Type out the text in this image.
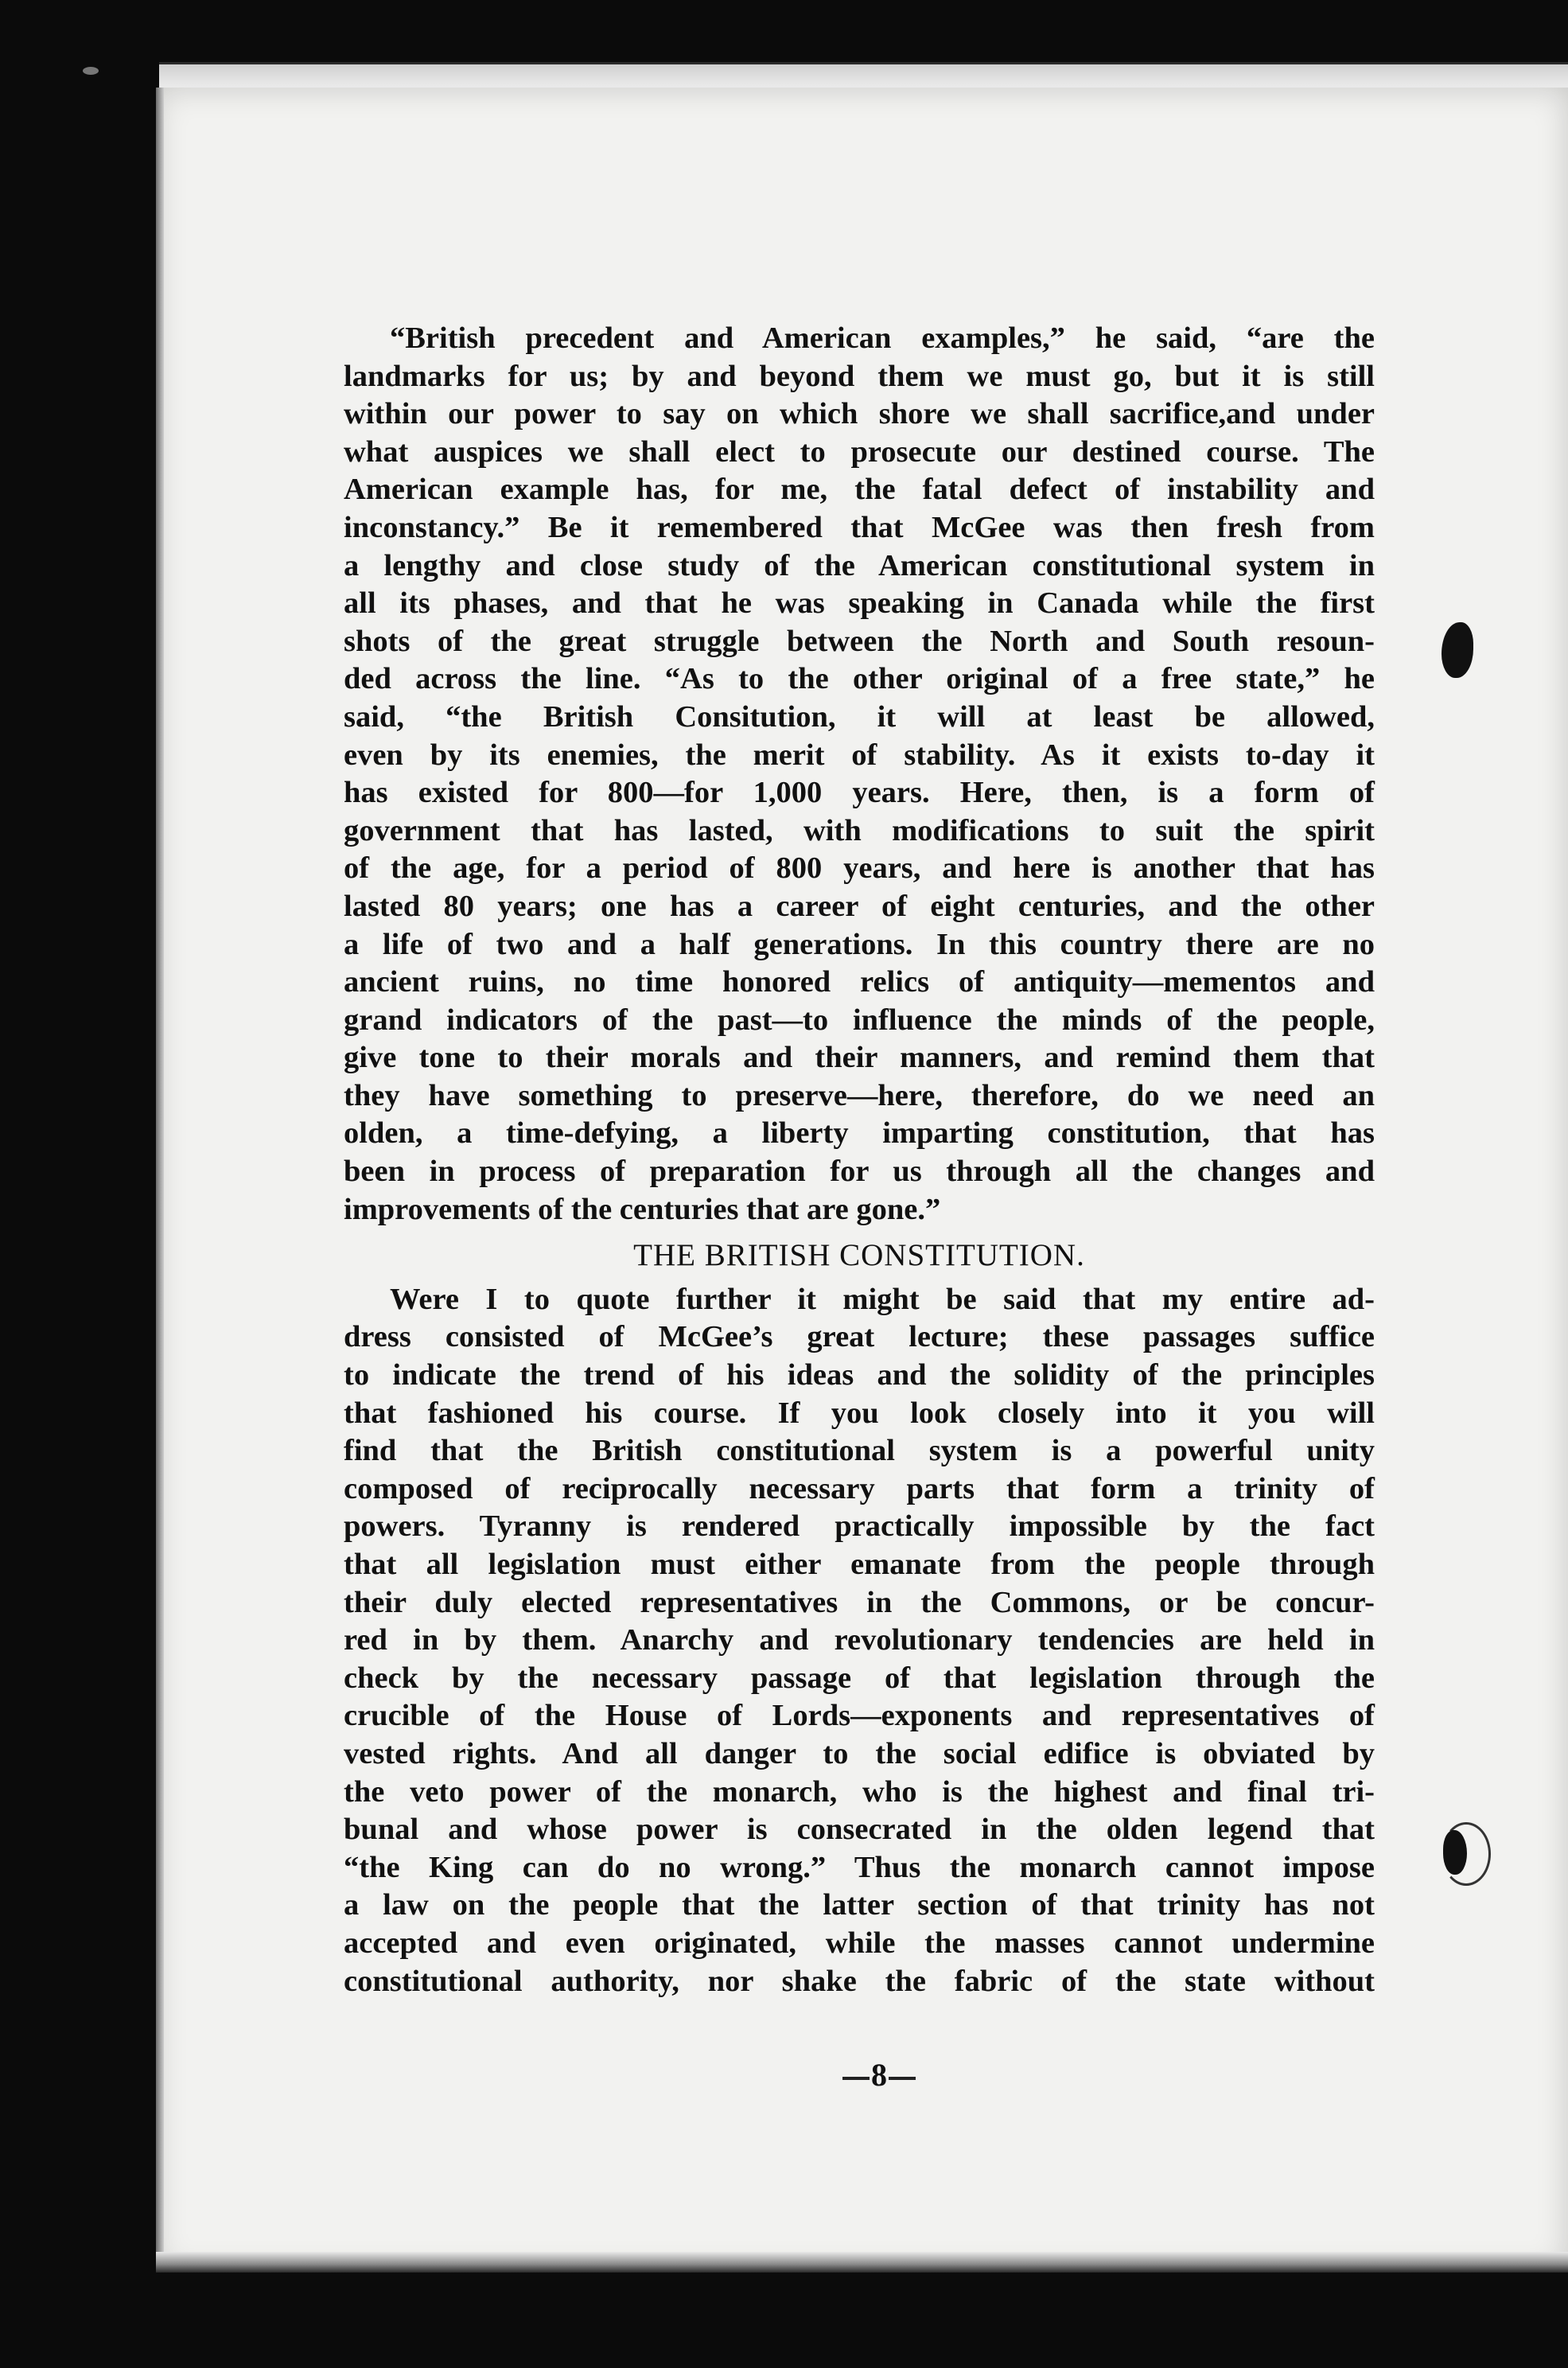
“British precedent and American examples,” he said, “are the
landmarks for us; by and beyond them we must go, but it is still
within our power to say on which shore we shall sacrifice,and under
what auspices we shall elect to prosecute our destined course. The
American example has, for me, the fatal defect of instability and
inconstancy.” Be it remembered that McGee was then fresh from
a lengthy and close study of the American constitutional system in
all its phases, and that he was speaking in Canada while the first
shots of the great struggle between the North and South resoun-
ded across the line. “As to the other original of a free state,” he
said, “the British Consitution, it will at least be allowed,
even by its enemies, the merit of stability. As it exists to-day it
has existed for 800—for 1,000 years. Here, then, is a form of
government that has lasted, with modifications to suit the spirit
of the age, for a period of 800 years, and here is another that has
lasted 80 years; one has a career of eight centuries, and the other
a life of two and a half generations. In this country there are no
ancient ruins, no time honored relics of antiquity—mementos and
grand indicators of the past—to influence the minds of the people,
give tone to their morals and their manners, and remind them that
they have something to preserve—here, therefore, do we need an
olden, a time-defying, a liberty imparting constitution, that has
been in process of preparation for us through all the changes and
improvements of the centuries that are gone.”
THE BRITISH CONSTITUTION.
Were I to quote further it might be said that my entire ad-
dress consisted of McGee’s great lecture; these passages suffice
to indicate the trend of his ideas and the solidity of the principles
that fashioned his course. If you look closely into it you will
find that the British constitutional system is a powerful unity
composed of reciprocally necessary parts that form a trinity of
powers. Tyranny is rendered practically impossible by the fact
that all legislation must either emanate from the people through
their duly elected representatives in the Commons, or be concur-
red in by them. Anarchy and revolutionary tendencies are held in
check by the necessary passage of that legislation through the
crucible of the House of Lords—exponents and representatives of
vested rights. And all danger to the social edifice is obviated by
the veto power of the monarch, who is the highest and final tri-
bunal and whose power is consecrated in the olden legend that
“the King can do no wrong.” Thus the monarch cannot impose
a law on the people that the latter section of that trinity has not
accepted and even originated, while the masses cannot undermine
constitutional authority, nor shake the fabric of the state without
8
